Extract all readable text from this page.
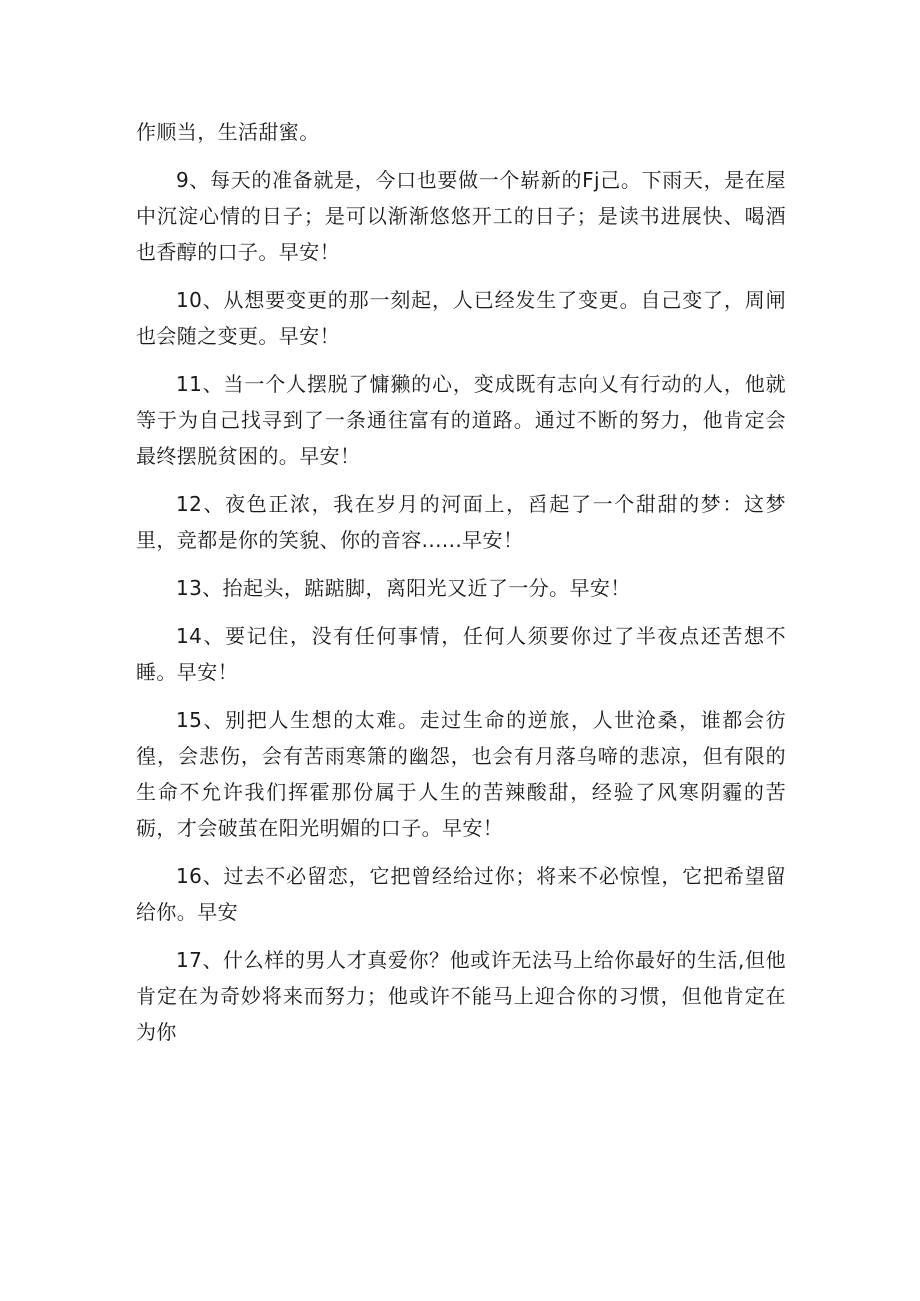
作顺当，生活甜蜜。

9、每天的准备就是，今口也要做一个崭新的Fj己。下雨天，是在屋中沉淀心情的日子；是可以渐渐悠悠开工的日子；是读书进展快、喝酒也香醇的口子。早安！

10、从想要变更的那一刻起，人已经发生了变更。自己变了，周闸也会随之变更。早安！

11、当一个人摆脱了慵獭的心，变成既有志向乂有行动的人，他就等于为自己找寻到了一条通往富有的道路。通过不断的努力，他肯定会最终摆脱贫困的。早安！

12、夜色正浓，我在岁月的河面上，舀起了一个甜甜的梦：这梦里，竞都是你的笑貌、你的音容......早安！

13、抬起头，踮踮脚，离阳光又近了一分。早安！

14、要记住，没有任何事情，任何人须要你过了半夜点还苦想不睡。早安！

15、别把人生想的太难。走过生命的逆旅，人世沧桑，谁都会彷徨，会悲伤，会有苦雨寒箫的幽怨，也会有月落乌啼的悲凉，但有限的生命不允许我们挥霍那份属于人生的苦辣酸甜，经验了风寒阴霾的苦砺，才会破茧在阳光明媚的口子。早安！

16、过去不必留恋，它把曾经给过你；将来不必惊惶，它把希望留给你。早安

17、什么样的男人才真爱你？他或许无法马上给你最好的生活,但他肯定在为奇妙将来而努力；他或许不能马上迎合你的习惯，但他肯定在为你
